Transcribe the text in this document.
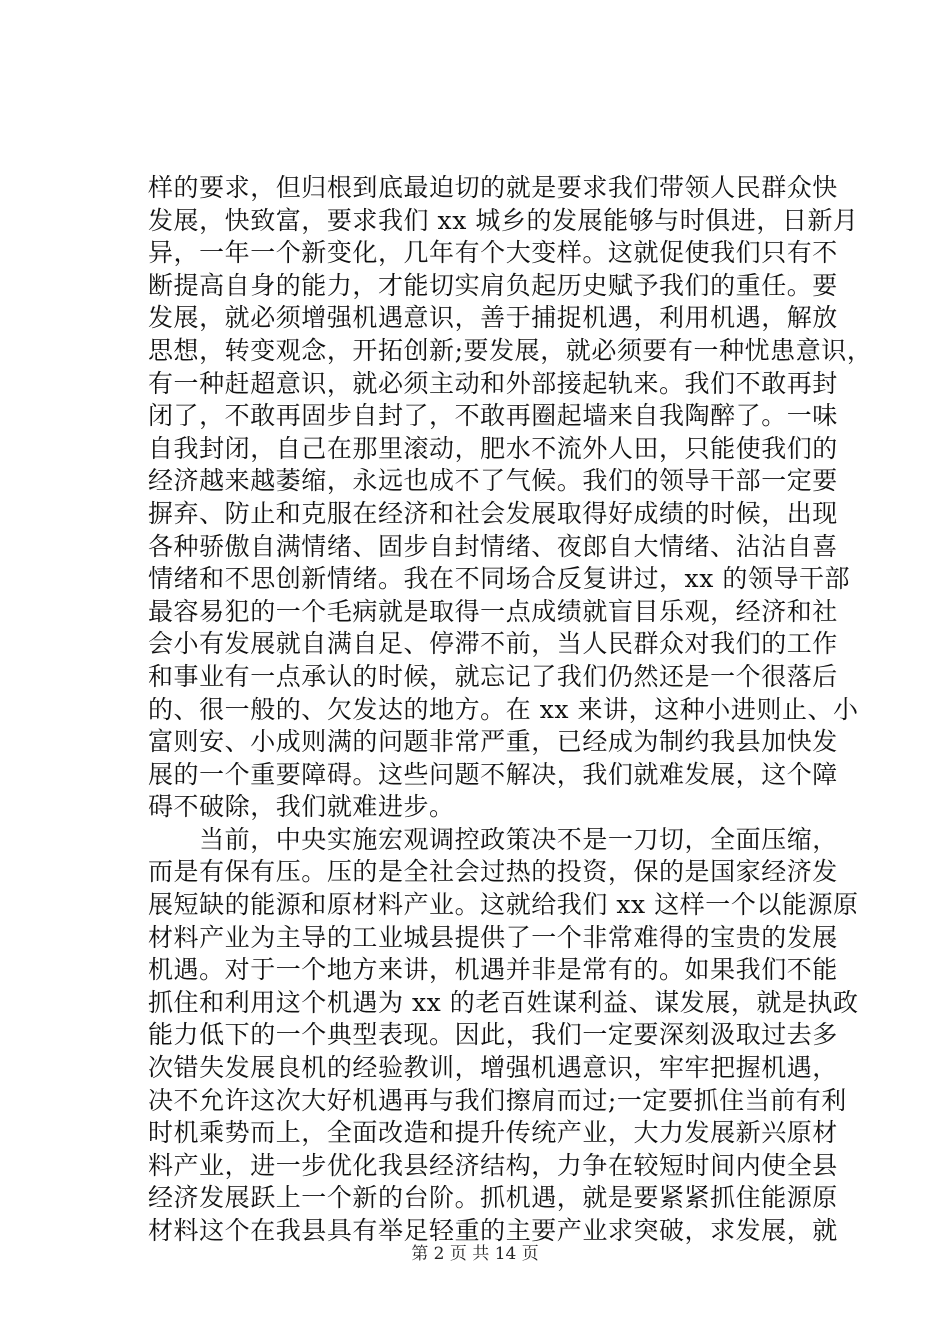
样的要求，但归根到底最迫切的就是要求我们带领人民群众快
发展，快致富，要求我们 xx 城乡的发展能够与时俱进，日新月
异，一年一个新变化，几年有个大变样。这就促使我们只有不
断提高自身的能力，才能切实肩负起历史赋予我们的重任。要
发展，就必须增强机遇意识，善于捕捉机遇，利用机遇，解放
思想，转变观念，开拓创新;要发展，就必须要有一种忧患意识，
有一种赶超意识，就必须主动和外部接起轨来。我们不敢再封
闭了，不敢再固步自封了，不敢再圈起墙来自我陶醉了。一味
自我封闭，自己在那里滚动，肥水不流外人田，只能使我们的
经济越来越萎缩，永远也成不了气候。我们的领导干部一定要
摒弃、防止和克服在经济和社会发展取得好成绩的时候，出现
各种骄傲自满情绪、固步自封情绪、夜郎自大情绪、沾沾自喜
情绪和不思创新情绪。我在不同场合反复讲过，xx 的领导干部
最容易犯的一个毛病就是取得一点成绩就盲目乐观，经济和社
会小有发展就自满自足、停滞不前，当人民群众对我们的工作
和事业有一点承认的时候，就忘记了我们仍然还是一个很落后
的、很一般的、欠发达的地方。在 xx 来讲，这种小进则止、小
富则安、小成则满的问题非常严重，已经成为制约我县加快发
展的一个重要障碍。这些问题不解决，我们就难发展，这个障
碍不破除，我们就难进步。
　　当前，中央实施宏观调控政策决不是一刀切，全面压缩，
而是有保有压。压的是全社会过热的投资，保的是国家经济发
展短缺的能源和原材料产业。这就给我们 xx 这样一个以能源原
材料产业为主导的工业城县提供了一个非常难得的宝贵的发展
机遇。对于一个地方来讲，机遇并非是常有的。如果我们不能
抓住和利用这个机遇为 xx 的老百姓谋利益、谋发展，就是执政
能力低下的一个典型表现。因此，我们一定要深刻汲取过去多
次错失发展良机的经验教训，增强机遇意识，牢牢把握机遇，
决不允许这次大好机遇再与我们擦肩而过;一定要抓住当前有利
时机乘势而上，全面改造和提升传统产业，大力发展新兴原材
料产业，进一步优化我县经济结构，力争在较短时间内使全县
经济发展跃上一个新的台阶。抓机遇，就是要紧紧抓住能源原
材料这个在我县具有举足轻重的主要产业求突破，求发展，就
第 2 页 共 14 页
